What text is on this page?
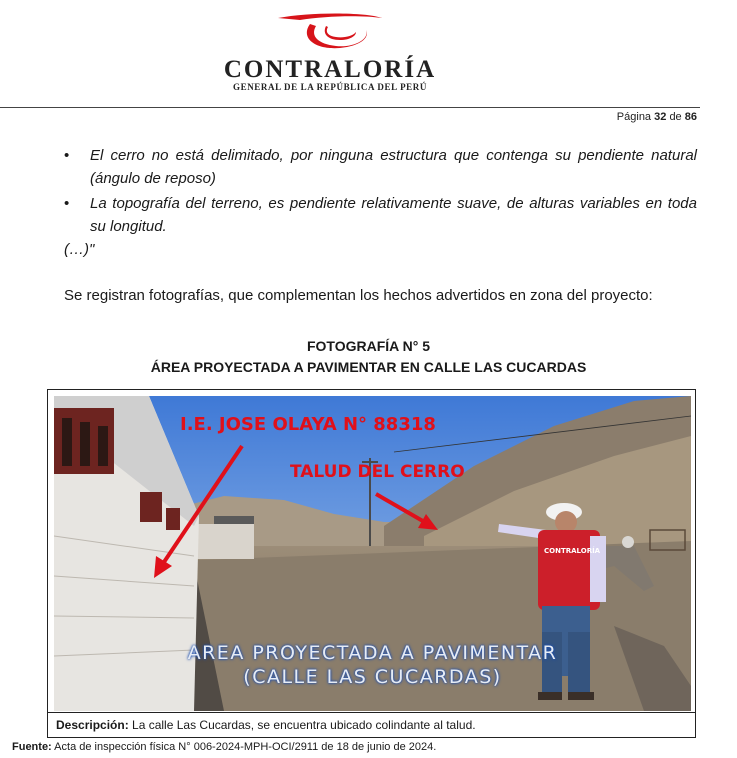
CONTRALORÍA
GENERAL DE LA REPÚBLICA DEL PERÚ
Página 32 de 86
• El cerro no está delimitado, por ninguna estructura que contenga su pendiente natural (ángulo de reposo)
• La topografía del terreno, es pendiente relativamente suave, de alturas variables en toda su longitud.
(…)"
Se registran fotografías, que complementan los hechos advertidos en zona del proyecto:
FOTOGRAFÍA N° 5
ÁREA PROYECTADA A PAVIMENTAR EN CALLE LAS CUCARDAS
CONTRALORÍA
I.E. JOSE OLAYA N° 88318
TALUD DEL CERRO
AREA PROYECTADA A PAVIMENTAR
(CALLE LAS CUCARDAS)
Descripción: La calle Las Cucardas, se encuentra ubicado colindante al talud.
Fuente: Acta de inspección física N° 006-2024-MPH-OCI/2911 de 18 de junio de 2024.
